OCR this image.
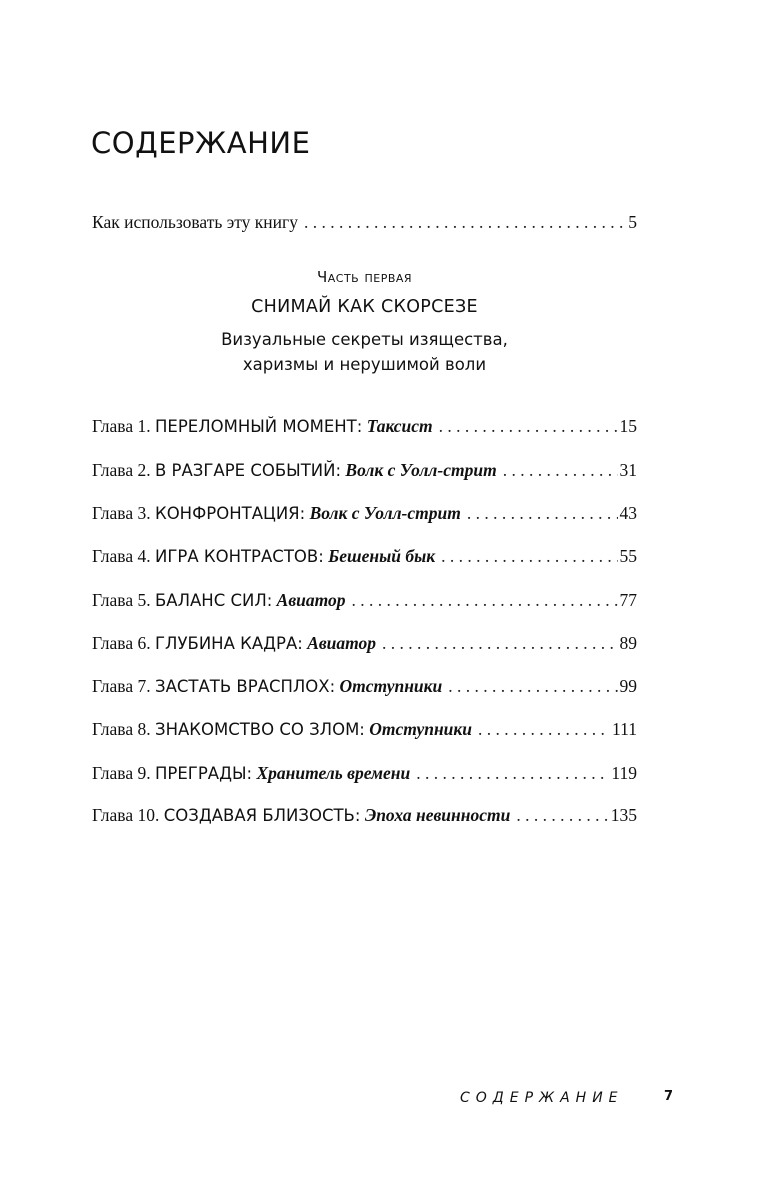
СОДЕРЖАНИЕ
Как использовать эту книгу . . .	5

Часть первая

СНИМАЙ КАК СКОРСЕЗЕ

Визуальные секреты изящества,
харизмы и нерушимой воли

Глава 1. ПЕРЕЛОМНЫЙ МОМЕНТ: Таксист . . .	15
Глава 2. В РАЗГАРЕ СОБЫТИЙ: Волк с Уолл-стрит . . .	31
Глава 3. КОНФРОНТАЦИЯ: Волк с Уолл-стрит . . .	43
Глава 4. ИГРА КОНТРАСТОВ: Бешеный бык . . .	55
Глава 5. БАЛАНС СИЛ: Авиатор . . .	77
Глава 6. ГЛУБИНА КАДРА: Авиатор . . .	89
Глава 7. ЗАСТАТЬ ВРАСПЛОХ: Отступники . . .	99
Глава 8. ЗНАКОМСТВО СО ЗЛОМ: Отступники . . .	111
Глава 9. ПРЕГРАДЫ: Хранитель времени . . .	119
Глава 10. СОЗДАВАЯ БЛИЗОСТЬ: Эпоха невинности . . .	135

СОДЕРЖАНИЕ	7
